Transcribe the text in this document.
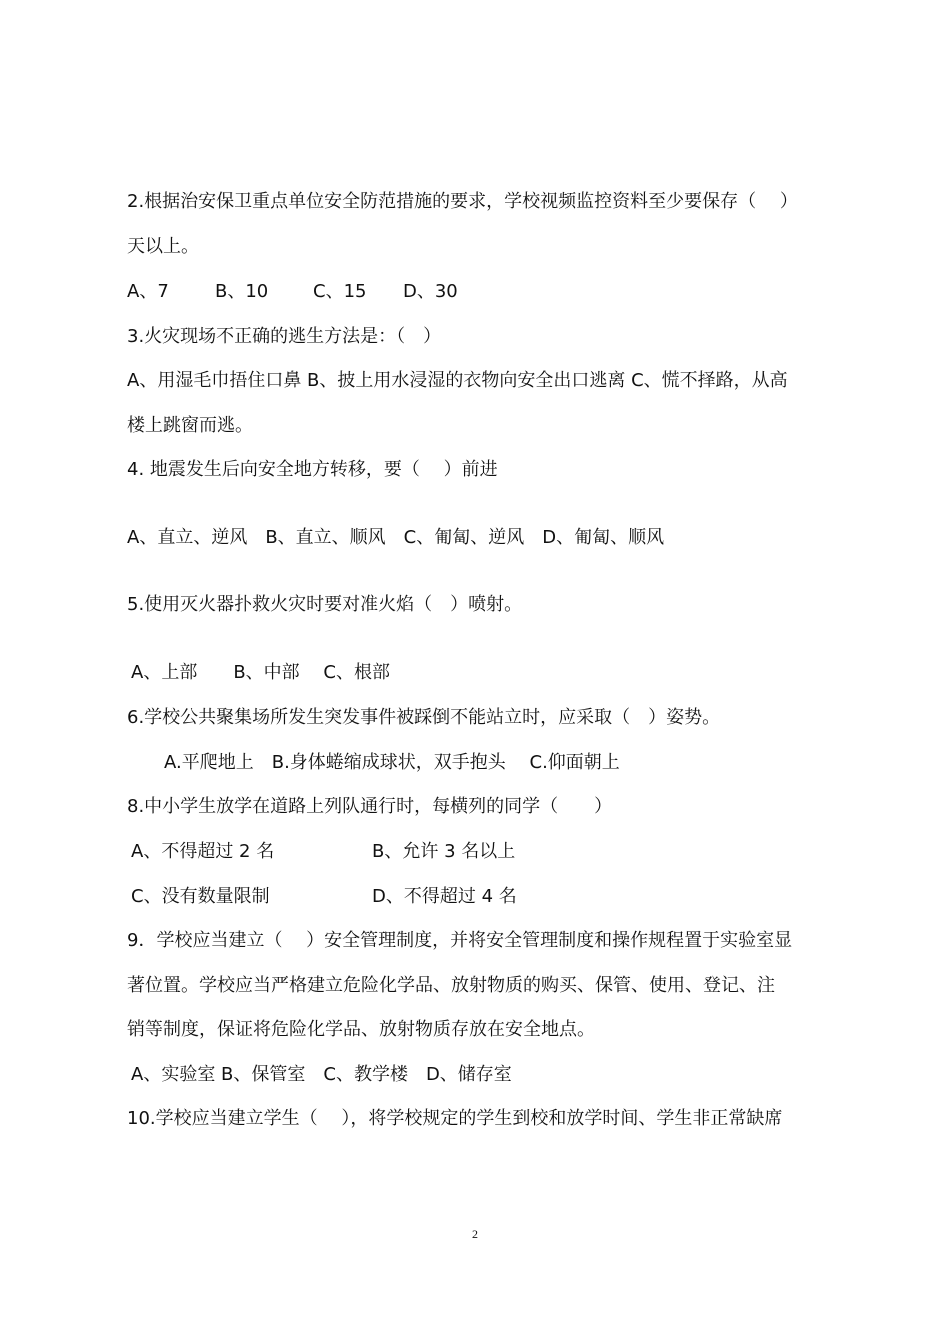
2.根据治安保卫重点单位安全防范措施的要求，学校视频监控资料至少要保存（　 ）
天以上。
A、7	B、10 C、15 D、30
3.火灾现场不正确的逃生方法是：（　）
A、用湿毛巾捂住口鼻 B、披上用水浸湿的衣物向安全出口逃离 C、慌不择路，从高
楼上跳窗而逃。
4. 地震发生后向安全地方转移，要（　 ）前进
A、直立、逆风　B、直立、顺风　C、匍匐、逆风　D、匍匐、顺风
5.使用灭火器扑救火灾时要对准火焰（　）喷射。
A、上部　　B、中部　 C、根部
6.学校公共聚集场所发生突发事件被踩倒不能站立时，应采取（　）姿势。
A.平爬地上　B.身体蜷缩成球状，双手抱头　 C.仰面朝上
8.中小学生放学在道路上列队通行时，每横列的同学（　　）
A、不得超过 2 名	B、允许 3 名以上
C、没有数量限制	D、不得超过 4 名
9．学校应当建立（　 ）安全管理制度，并将安全管理制度和操作规程置于实验室显
著位置。学校应当严格建立危险化学品、放射物质的购买、保管、使用、登记、注
销等制度，保证将危险化学品、放射物质存放在安全地点。
A、实验室 B、保管室　C、教学楼　D、储存室
10.学校应当建立学生（　 ），将学校规定的学生到校和放学时间、学生非正常缺席
2
